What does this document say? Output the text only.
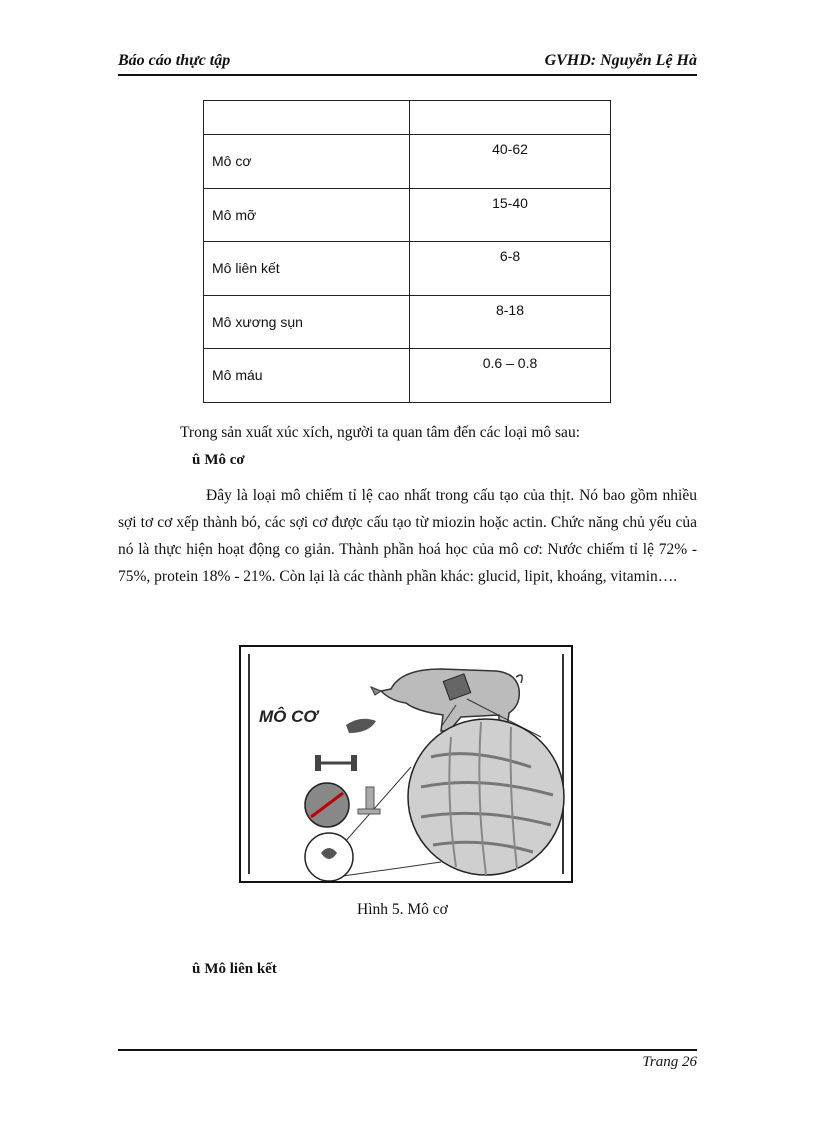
Báo cáo thực tập	GVHD: Nguyễn Lệ Hà

Mô cơ	40-62
Mô mỡ	15-40
Mô liên kết	6-8
Mô xương sụn	8-18
Mô máu	0.6 – 0.8
Trong sản xuất xúc xích, người ta quan tâm đến các loại mô sau:
û Mô cơ
Đây là loại mô chiếm tỉ lệ cao nhất trong cấu tạo của thịt. Nó bao gồm nhiều sợi tơ cơ xếp thành bó, các sợi cơ được cấu tạo từ miozin hoặc actin. Chức năng chủ yếu của nó là thực hiện hoạt động co giản. Thành phần hoá học của mô cơ: Nước chiếm tỉ lệ 72% - 75%, protein 18% - 21%. Còn lại là các thành phần khác: glucid, lipit, khoáng, vitamin….
MÔ CƠ
Hình 5. Mô cơ
û Mô liên kết
Trang 26
